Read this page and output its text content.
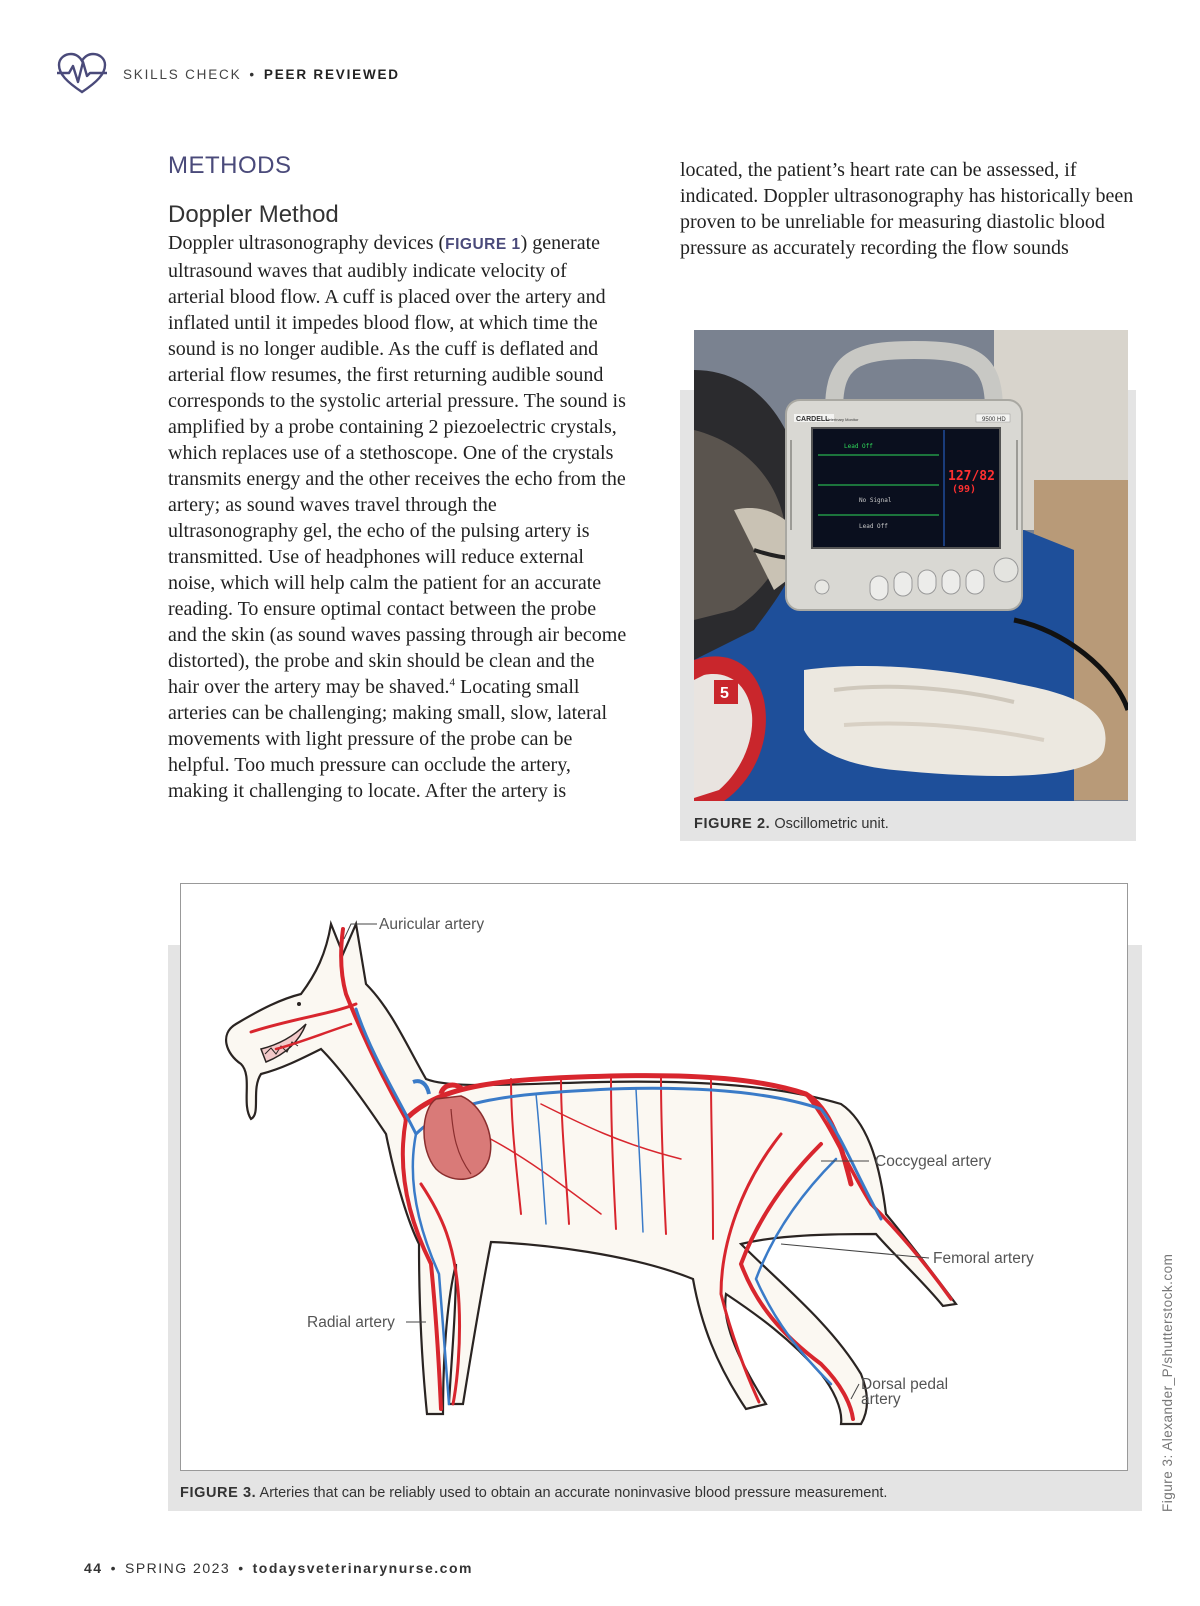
SKILLS CHECK • PEER REVIEWED
METHODS
Doppler Method

Doppler ultrasonography devices (FIGURE 1) generate ultrasound waves that audibly indicate velocity of arterial blood flow. A cuff is placed over the artery and inflated until it impedes blood flow, at which time the sound is no longer audible. As the cuff is deflated and arterial flow resumes, the first returning audible sound corresponds to the systolic arterial pressure. The sound is amplified by a probe containing 2 piezoelectric crystals, which replaces use of a stethoscope. One of the crystals transmits energy and the other receives the echo from the artery; as sound waves travel through the ultrasonography gel, the echo of the pulsing artery is transmitted. Use of headphones will reduce external noise, which will help calm the patient for an accurate reading. To ensure optimal contact between the probe and the skin (as sound waves passing through air become distorted), the probe and skin should be clean and the hair over the artery may be shaved.$^4$ Locating small arteries can be challenging; making small, slow, lateral movements with light pressure of the probe can be helpful. Too much pressure can occlude the artery, making it challenging to locate. After the artery is

located, the patient’s heart rate can be assessed, if indicated. Doppler ultrasonography has historically been proven to be unreliable for measuring diastolic blood pressure as accurately recording the flow sounds

5
CARDELL
Veterinary Monitor	9500 HD
Lead Off
No Signal
Lead Off
127/82
(99)
FIGURE 2. Oscillometric unit.
Auricular artery
Coccygeal artery
Femoral artery
Radial artery
Dorsal pedal
artery
FIGURE 3. Arteries that can be reliably used to obtain an accurate noninvasive blood pressure measurement.	Figure 3: Alexander_P/shutterstock.com
44 • SPRING 2023 • todaysveterinarynurse.com
